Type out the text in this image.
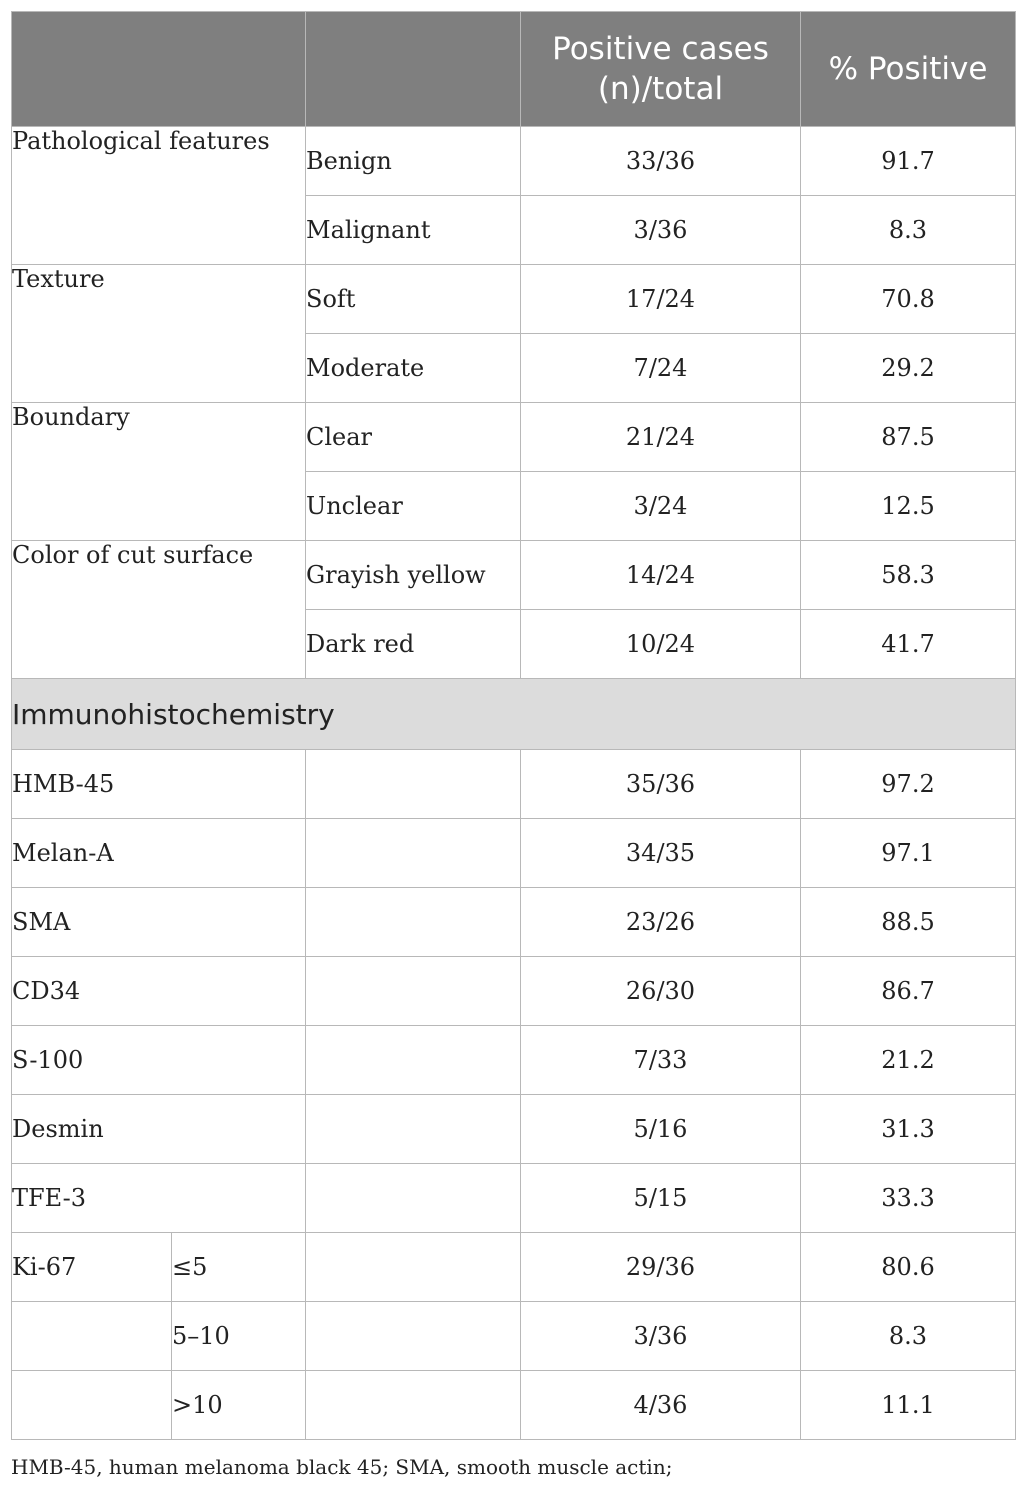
			Positive cases (n)/total	% Positive
Pathological features		Benign	33/36	91.7
		Malignant	3/36	8.3
Texture		Soft	17/24	70.8
		Moderate	7/24	29.2
Boundary		Clear	21/24	87.5
		Unclear	3/24	12.5
Color of cut surface		Grayish yellow	14/24	58.3
		Dark red	10/24	41.7
Immunohistochemistry				
HMB-45			35/36	97.2
Melan-A			34/35	97.1
SMA			23/26	88.5
CD34			26/30	86.7
S-100			7/33	21.2
Desmin			5/16	31.3
TFE-3			5/15	33.3
Ki-67	≤5		29/36	80.6
	5–10		3/36	8.3
	>10		4/36	11.1
HMB-45, human melanoma black 45; SMA, smooth muscle actin;
